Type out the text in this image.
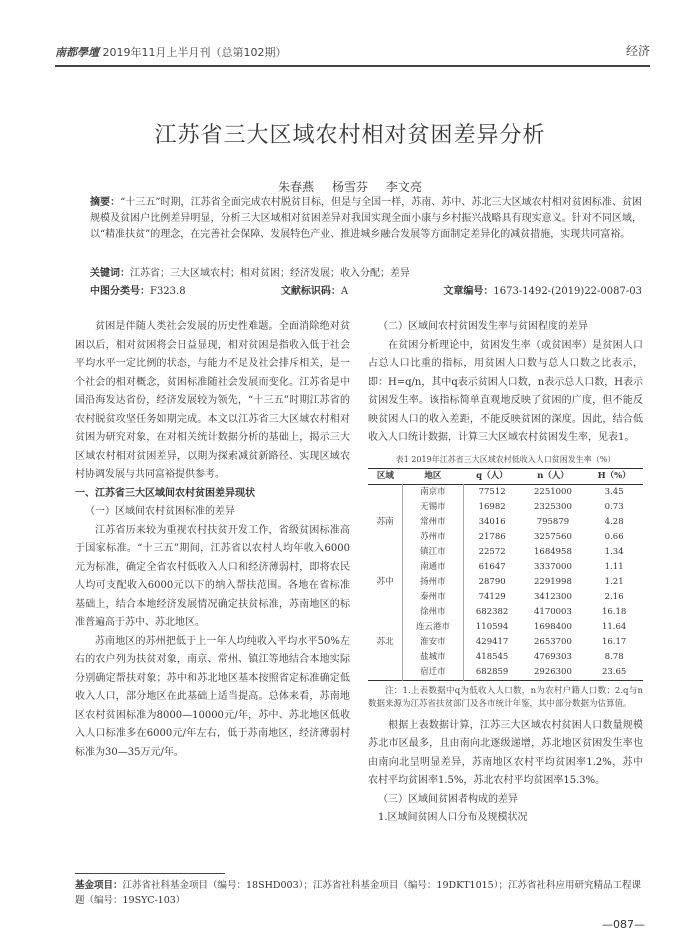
南都學壇 2019年11月上半月刊（总第102期）	经济
江苏省三大区域农村相对贫困差异分析
朱春燕 杨雪芬 李文亮
摘要：“十三五”时期，江苏省全面完成农村脱贫目标，但是与全国一样，苏南、苏中、苏北三大区域农村相对贫困标准、贫困规模及贫困户比例差异明显，分析三大区域相对贫困差异对我国实现全面小康与乡村振兴战略具有现实意义。针对不同区域，以“精准扶贫”的理念，在完善社会保障、发展特色产业、推进城乡融合发展等方面制定差异化的减贫措施，实现共同富裕。
关键词：江苏省；三大区域农村；相对贫困；经济发展；收入分配；差异
中图分类号：F323.8	文献标识码：A	文章编号：1673-1492-(2019)22-0087-03

贫困是伴随人类社会发展的历史性难题。全面消除绝对贫困以后，相对贫困将会日益显现，相对贫困是指收入低于社会平均水平一定比例的状态，与能力不足及社会排斥相关，是一个社会的相对概念，贫困标准随社会发展而变化。江苏省是中国沿海发达省份，经济发展较为领先，“十三五”时期江苏省的农村脱贫攻坚任务如期完成。本文以江苏省三大区域农村相对贫困为研究对象，在对相关统计数据分析的基础上，揭示三大区域农村相对贫困差异，以期为探索减贫新路径、实现区域农村协调发展与共同富裕提供参考。

一、江苏省三大区域间农村贫困差异现状
（一）区域间农村贫困标准的差异

江苏省历来较为重视农村扶贫开发工作，省级贫困标准高于国家标准。“十三五”期间，江苏省以农村人均年收入6000元为标准，确定全省农村低收入人口和经济薄弱村，即将农民人均可支配收入6000元以下的纳入帮扶范围。各地在省标准基础上，结合本地经济发展情况确定扶贫标准，苏南地区的标准普遍高于苏中、苏北地区。

苏南地区的苏州把低于上一年人均纯收入平均水平50%左右的农户列为扶贫对象，南京、常州、镇江等地结合本地实际分别确定帮扶对象；苏中和苏北地区基本按照省定标准确定低收入人口，部分地区在此基础上适当提高。总体来看，苏南地区农村贫困标准为8000—10000元/年，苏中、苏北地区低收入人口标准多在6000元/年左右，低于苏南地区，经济薄弱村标准为30—35万元/年。

（二）区域间农村贫困发生率与贫困程度的差异

在贫困分析理论中，贫困发生率（或贫困率）是贫困人口占总人口比重的指标，用贫困人口数与总人口数之比表示，即：H=q/n，其中q表示贫困人口数，n表示总人口数，H表示贫困发生率。该指标简单直观地反映了贫困的广度，但不能反映贫困人口的收入差距，不能反映贫困的深度。因此，结合低收入人口统计数据，计算三大区域农村贫困发生率，见表1。

表1 2019年江苏省三大区域农村低收入人口贫困发生率（%）
区域	地区	q（人）	n（人）	H（%）
苏南	南京市	77512	2251000	3.45
	无锡市	16982	2325300	0.73
	常州市	34016	795879	4.28
	苏州市	21786	3257560	0.66
	镇江市	22572	1684958	1.34
苏中	南通市	61647	3337000	1.11
	扬州市	28790	2291998	1.21
	泰州市	74129	3412300	2.16
苏北	徐州市	682382	4170003	16.18
	连云港市	110594	1698400	11.64
	淮安市	429417	2653700	16.17
	盐城市	418545	4769303	8.78
	宿迁市	682859	2926300	23.65
注：1.上表数据中q为低收入人口数，n为农村户籍人口数；2.q与n数据来源为江苏省扶贫部门及各市统计年鉴，其中部分数据为估算值。

根据上表数据计算，江苏三大区域农村贫困人口数量规模苏北市区最多，且由南向北逐级递增，苏北地区贫困发生率也由南向北呈明显差异，苏南地区农村平均贫困率1.2%，苏中农村平均贫困率1.5%，苏北农村平均贫困率15.3%。

（三）区域间贫困者构成的差异
1.区域间贫困人口分布及规模状况
基金项目：江苏省社科基金项目（编号：18SHD003）；江苏省社科基金项目（编号：19DKT1015）；江苏省社科应用研究精品工程课题（编号：19SYC-103）
—087—
